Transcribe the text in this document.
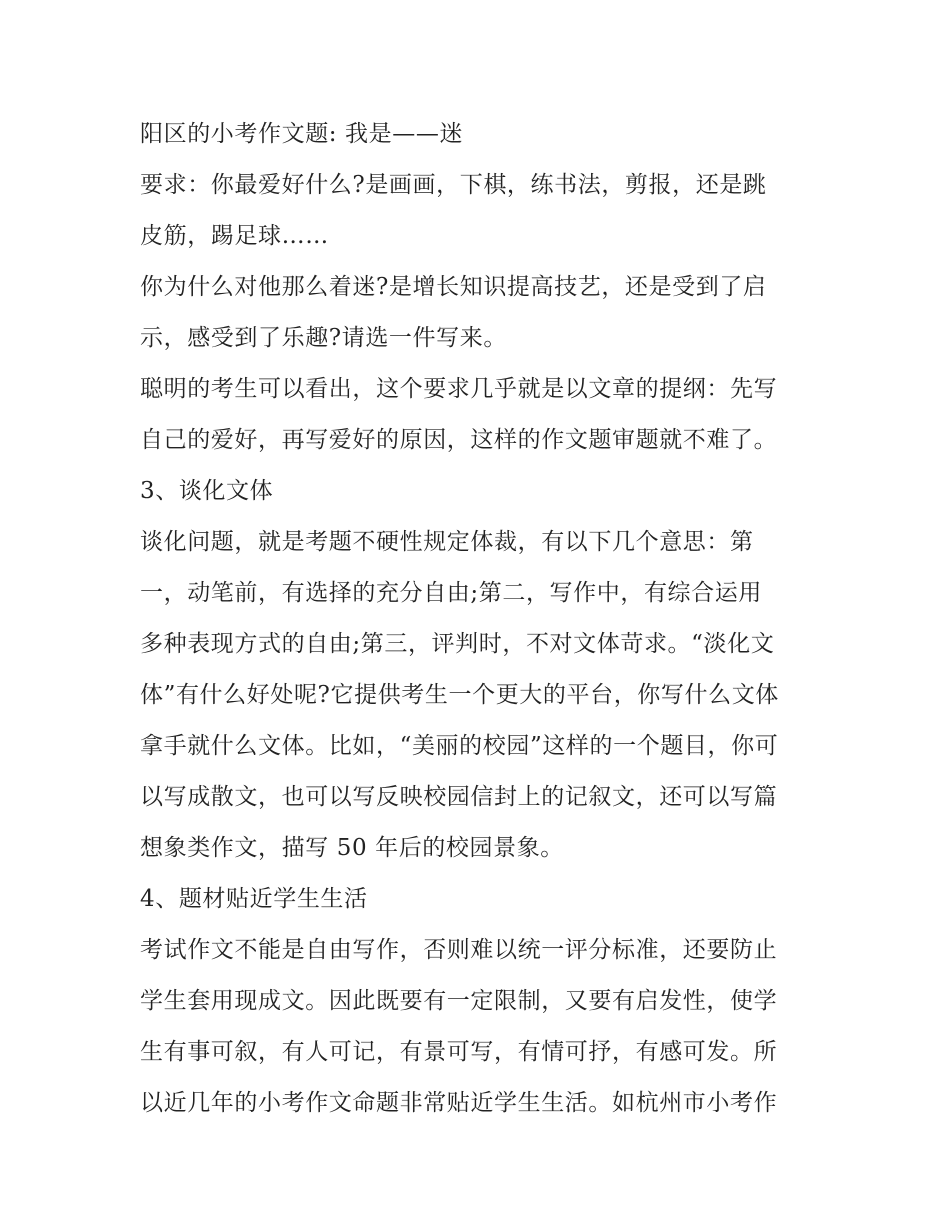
阳区的小考作文题: 我是——迷
要求：你最爱好什么?是画画，下棋，练书法，剪报，还是跳
皮筋，踢足球……
你为什么对他那么着迷?是增长知识提高技艺，还是受到了启
示，感受到了乐趣?请选一件写来。
聪明的考生可以看出，这个要求几乎就是以文章的提纲：先写
自己的爱好，再写爱好的原因，这样的作文题审题就不难了。
3、谈化文体
谈化问题，就是考题不硬性规定体裁，有以下几个意思：第
一，动笔前，有选择的充分自由;第二，写作中，有综合运用
多种表现方式的自由;第三，评判时，不对文体苛求。“淡化文
体”有什么好处呢?它提供考生一个更大的平台，你写什么文体
拿手就什么文体。比如，“美丽的校园”这样的一个题目，你可
以写成散文，也可以写反映校园信封上的记叙文，还可以写篇
想象类作文，描写 50 年后的校园景象。
4、题材贴近学生生活
考试作文不能是自由写作，否则难以统一评分标准，还要防止
学生套用现成文。因此既要有一定限制，又要有启发性，使学
生有事可叙，有人可记，有景可写，有情可抒，有感可发。所
以近几年的小考作文命题非常贴近学生生活。如杭州市小考作
